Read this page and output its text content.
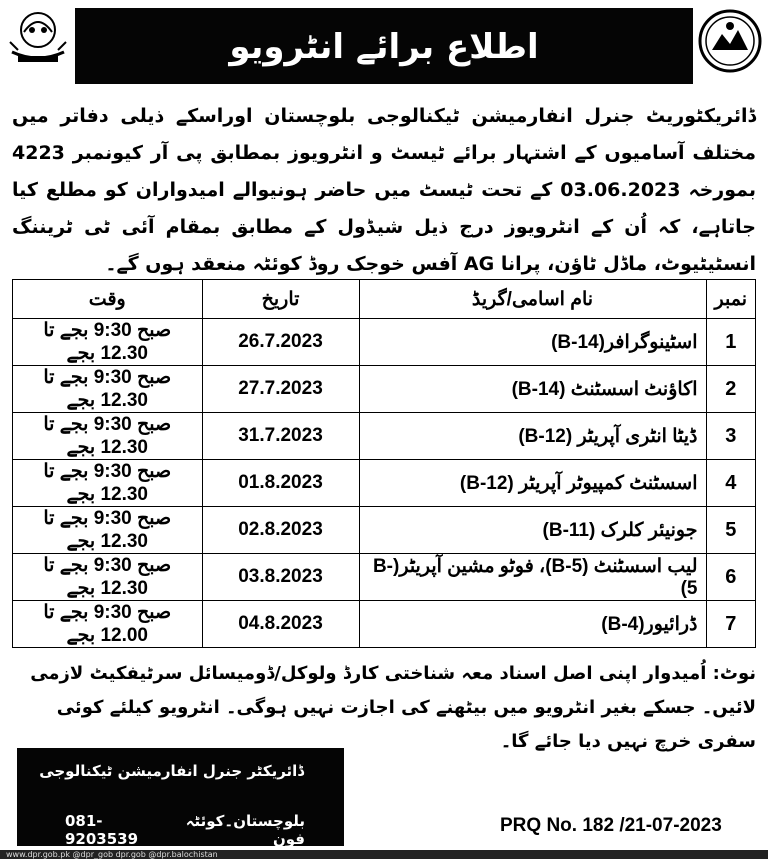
اطلاع برائے انٹرویو
ڈائریکٹوریٹ جنرل انفارمیشن ٹیکنالوجی بلوچستان اوراسکے ذیلی دفاتر میں مختلف آسامیوں کے اشتہار برائے ٹیسٹ و انٹرویوز بمطابق پی آر کیونمبر 4223 بمورخہ 03.06.2023 کے تحت ٹیسٹ میں حاضر ہونیوالے امیدواران کو مطلع کیا جاتاہے، کہ اُن کے انٹرویوز درج ذیل شیڈول کے مطابق بمقام آئی ٹی ٹریننگ انسٹیٹیوٹ، ماڈل ٹاؤن، پرانا AG آفس خوجک روڈ کوئٹہ منعقد ہوں گے۔
نمبر	نام اسامی/گریڈ	تاریخ	وقت
1	اسٹینوگرافر(B-14)	26.7.2023	صبح 9:30 بجے تا 12.30 بجے
2	اکاؤنٹ اسسٹنٹ (B-14)	27.7.2023	صبح 9:30 بجے تا 12.30 بجے
3	ڈیٹا انٹری آپریٹر (B-12)	31.7.2023	صبح 9:30 بجے تا 12.30 بجے
4	اسسٹنٹ کمپیوٹر آپریٹر (B-12)	01.8.2023	صبح 9:30 بجے تا 12.30 بجے
5	جونیئر کلرک (B-11)	02.8.2023	صبح 9:30 بجے تا 12.30 بجے
6	لیب اسسٹنٹ (B-5)، فوٹو مشین آپریٹر(B-5)	03.8.2023	صبح 9:30 بجے تا 12.30 بجے
7	ڈرائیور(B-4)	04.8.2023	صبح 9:30 بجے تا 12.00 بجے
نوٹ: اُمیدوار اپنی اصل اسناد معہ شناختی کارڈ ولوکل/ڈومیسائل سرٹیفکیٹ لازمی لائیں۔ جسکے بغیر انٹرویو میں بیٹھنے کی اجازت نہیں ہوگی۔ انٹرویو کیلئے کوئی سفری خرچ نہیں دیا جائے گا۔
ڈائریکٹر جنرل انفارمیشن ٹیکنالوجی
081-9203539
بلوچستان۔کوئٹہ فون
PRQ No. 182 /21-07-2023
www.dpr.gob.pk @dpr_gob dpr.gob @dpr.balochistan
